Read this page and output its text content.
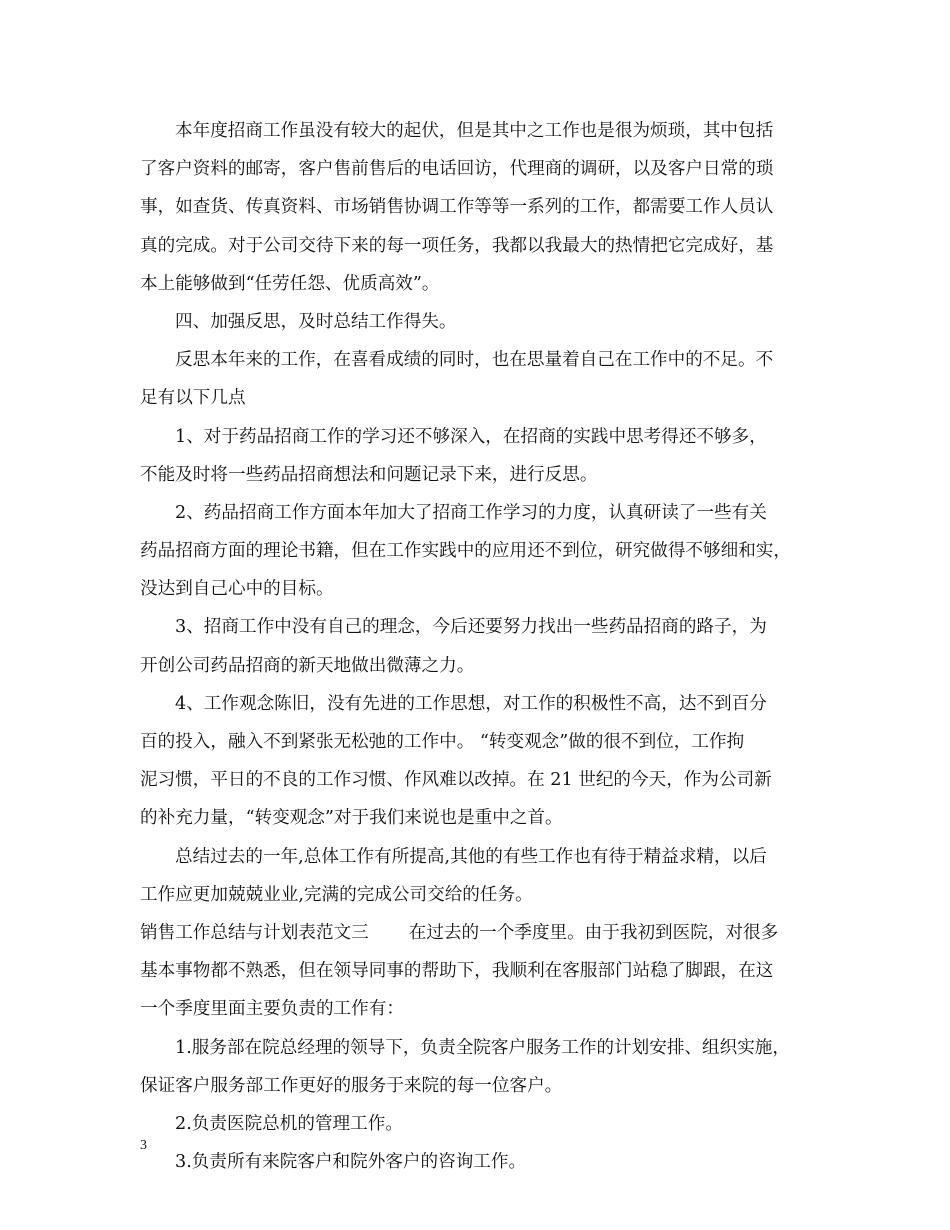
本年度招商工作虽没有较大的起伏，但是其中之工作也是很为烦琐，其中包括
了客户资料的邮寄，客户售前售后的电话回访，代理商的调研，以及客户日常的琐
事，如查货、传真资料、市场销售协调工作等等一系列的工作，都需要工作人员认
真的完成。对于公司交待下来的每一项任务，我都以我最大的热情把它完成好，基
本上能够做到“任劳任怨、优质高效”。
四、加强反思，及时总结工作得失。
反思本年来的工作，在喜看成绩的同时，也在思量着自己在工作中的不足。不
足有以下几点
1、对于药品招商工作的学习还不够深入，在招商的实践中思考得还不够多，
不能及时将一些药品招商想法和问题记录下来，进行反思。
2、药品招商工作方面本年加大了招商工作学习的力度，认真研读了一些有关
药品招商方面的理论书籍，但在工作实践中的应用还不到位，研究做得不够细和实，
没达到自己心中的目标。
3、招商工作中没有自己的理念，今后还要努力找出一些药品招商的路子，为
开创公司药品招商的新天地做出微薄之力。
4、工作观念陈旧，没有先进的工作思想，对工作的积极性不高，达不到百分
百的投入，融入不到紧张无松弛的工作中。 “转变观念”做的很不到位，工作拘
泥习惯，平日的不良的工作习惯、作风难以改掉。在 21 世纪的今天，作为公司新
的补充力量，“转变观念”对于我们来说也是重中之首。
总结过去的一年,总体工作有所提高,其他的有些工作也有待于精益求精，以后
工作应更加兢兢业业,完满的完成公司交给的任务。
销售工作总结与计划表范文三 在过去的一个季度里。由于我初到医院，对很多
基本事物都不熟悉，但在领导同事的帮助下，我顺利在客服部门站稳了脚跟，在这
一个季度里面主要负责的工作有：
1.服务部在院总经理的领导下，负责全院客户服务工作的计划安排、组织实施，
保证客户服务部工作更好的服务于来院的每一位客户。
2.负责医院总机的管理工作。
3.负责所有来院客户和院外客户的咨询工作。
3
